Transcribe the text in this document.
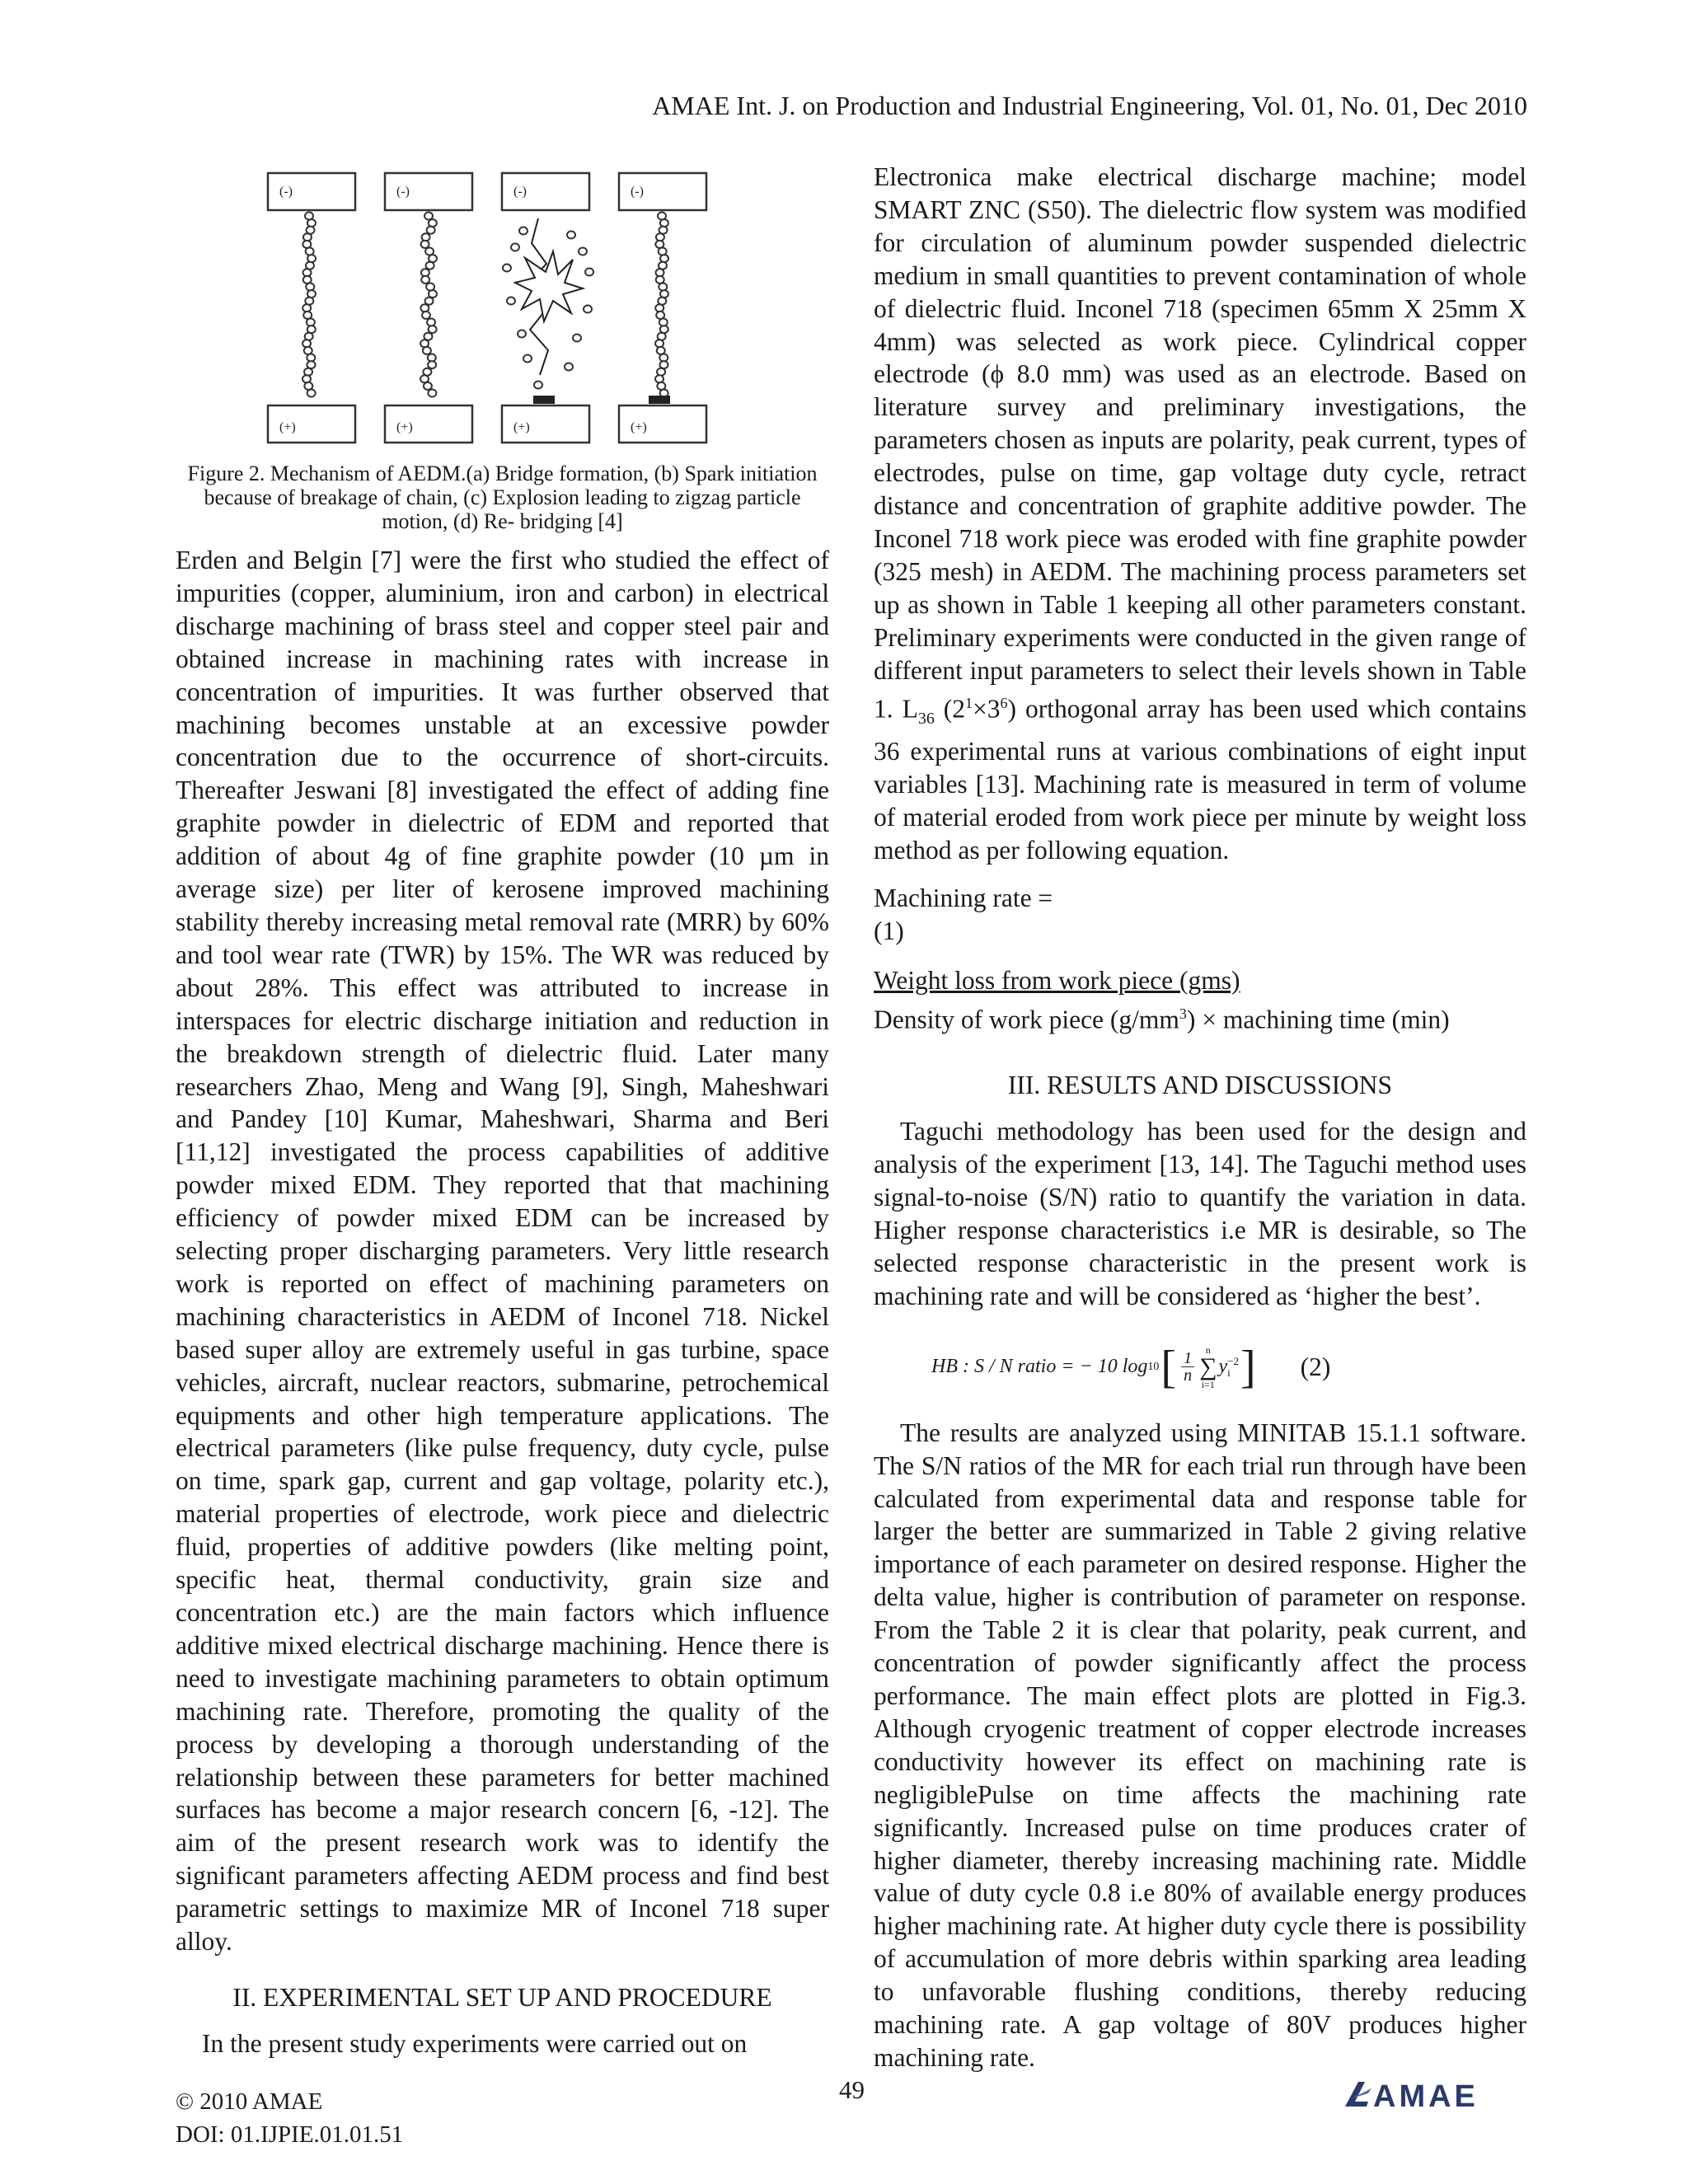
AMAE Int. J. on Production and Industrial Engineering, Vol. 01, No. 01, Dec 2010
(-)	(-)	(-)	(-)
(+)	(+)	(+)	(+)
Figure 2. Mechanism of AEDM.(a) Bridge formation, (b) Spark initiation because of breakage of chain, (c) Explosion leading to zigzag particle motion, (d) Re- bridging [4]

Erden and Belgin [7] were the first who studied the effect of impurities (copper, aluminium, iron and carbon) in electrical discharge machining of brass steel and copper steel pair and obtained increase in machining rates with increase in concentration of impurities. It was further observed that machining becomes unstable at an excessive powder concentration due to the occurrence of short-circuits. Thereafter Jeswani [8] investigated the effect of adding fine graphite powder in dielectric of EDM and reported that addition of about 4g of fine graphite powder (10 µm in average size) per liter of kerosene improved machining stability thereby increasing metal removal rate (MRR) by 60% and tool wear rate (TWR) by 15%. The WR was reduced by about 28%. This effect was attributed to increase in interspaces for electric discharge initiation and reduction in the breakdown strength of dielectric fluid. Later many researchers Zhao, Meng and Wang [9], Singh, Maheshwari and Pandey [10] Kumar, Maheshwari, Sharma and Beri [11,12] investigated the process capabilities of additive powder mixed EDM. They reported that that machining efficiency of powder mixed EDM can be increased by selecting proper discharging parameters. Very little research work is reported on effect of machining parameters on machining characteristics in AEDM of Inconel 718. Nickel based super alloy are extremely useful in gas turbine, space vehicles, aircraft, nuclear reactors, submarine, petrochemical equipments and other high temperature applications. The electrical parameters (like pulse frequency, duty cycle, pulse on time, spark gap, current and gap voltage, polarity etc.), material properties of electrode, work piece and dielectric fluid, properties of additive powders (like melting point, specific heat, thermal conductivity, grain size and concentration etc.) are the main factors which influence additive mixed electrical discharge machining. Hence there is need to investigate machining parameters to obtain optimum machining rate. Therefore, promoting the quality of the process by developing a thorough understanding of the relationship between these parameters for better machined surfaces has become a major research concern [6, -12]. The aim of the present research work was to identify the significant parameters affecting AEDM process and find best parametric settings to maximize MR of Inconel 718 super alloy.

II. EXPERIMENTAL SET UP AND PROCEDURE

In the present study experiments were carried out on

Electronica make electrical discharge machine; model SMART ZNC (S50). The dielectric flow system was modified for circulation of aluminum powder suspended dielectric medium in small quantities to prevent contamination of whole of dielectric fluid. Inconel 718 (specimen 65mm X 25mm X 4mm) was selected as work piece. Cylindrical copper electrode (ϕ 8.0 mm) was used as an electrode. Based on literature survey and preliminary investigations, the parameters chosen as inputs are polarity, peak current, types of electrodes, pulse on time, gap voltage duty cycle, retract distance and concentration of graphite additive powder. The Inconel 718 work piece was eroded with fine graphite powder (325 mesh) in AEDM. The machining process parameters set up as shown in Table 1 keeping all other parameters constant. Preliminary experiments were conducted in the given range of different input parameters to select their levels shown in Table 1. $L_{36}$ $(2^1\times 3^6)$ orthogonal array has been used which contains 36 experimental runs at various combinations of eight input variables [13]. Machining rate is measured in term of volume of material eroded from work piece per minute by weight loss method as per following equation.

Machining rate =
(1)
Weight loss from work piece (gms)
Density of work piece $(g/mm^3)$ × machining time (min)

III. RESULTS AND DISCUSSIONS

Taguchi methodology has been used for the design and analysis of the experiment [13, 14]. The Taguchi method uses signal-to-noise (S/N) ratio to quantify the variation in data. Higher response characteristics i.e MR is desirable, so The selected response characteristic in the present work is machining rate and will be considered as ‘higher the best’.

HB : S / N ratio = − 10 log 10 [ $\frac{1}{n}$
n
∑
i=1
y −2
i ] (2)

The results are analyzed using MINITAB 15.1.1 software. The S/N ratios of the MR for each trial run through have been calculated from experimental data and response table for larger the better are summarized in Table 2 giving relative importance of each parameter on desired response. Higher the delta value, higher is contribution of parameter on response. From the Table 2 it is clear that polarity, peak current, and concentration of powder significantly affect the process performance. The main effect plots are plotted in Fig.3. Although cryogenic treatment of copper electrode increases conductivity however its effect on machining rate is negligiblePulse on time affects the machining rate significantly. Increased pulse on time produces crater of higher diameter, thereby increasing machining rate. Middle value of duty cycle 0.8 i.e 80% of available energy produces higher machining rate. At higher duty cycle there is possibility of accumulation of more debris within sparking area leading to unfavorable flushing conditions, thereby reducing machining rate. A gap voltage of 80V produces higher machining rate.

© 2010 AMAE
DOI: 01.IJPIE.01.01.51
49	AMAE
